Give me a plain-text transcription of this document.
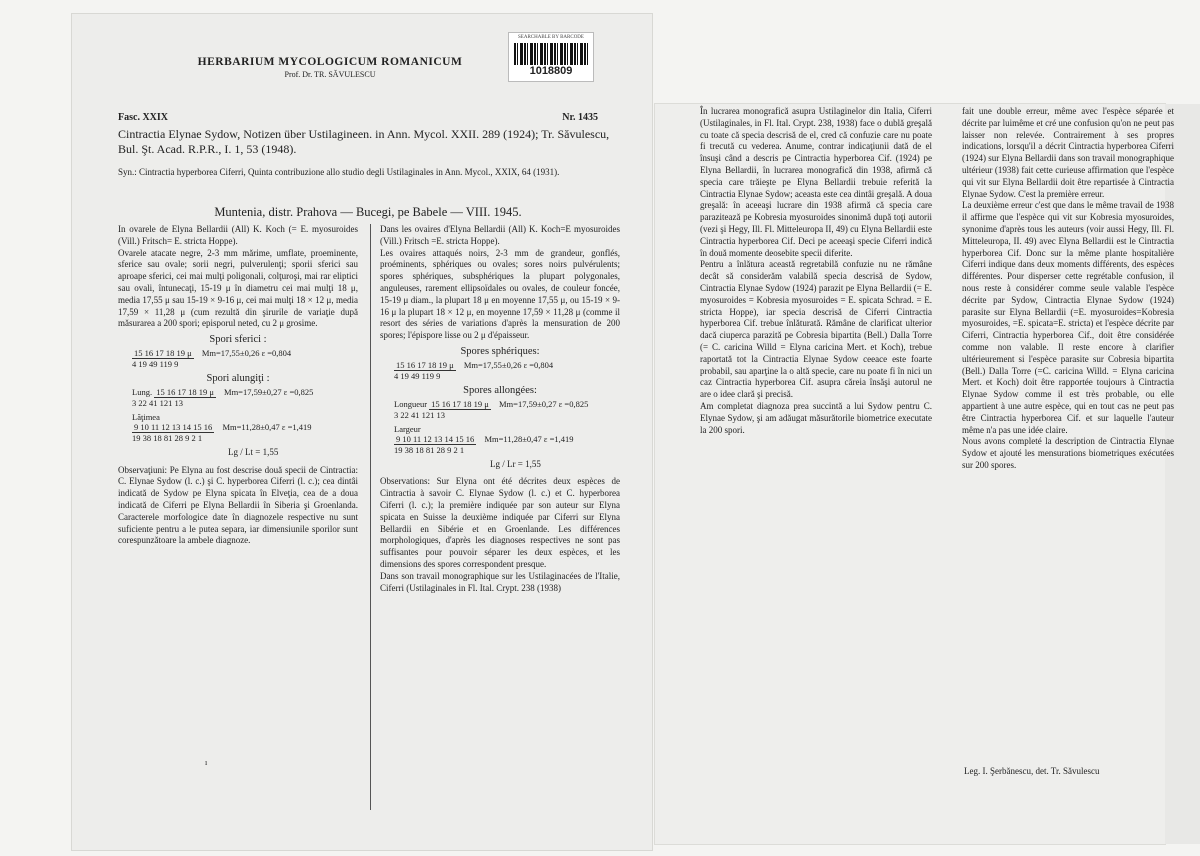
HERBARIUM MYCOLOGICUM ROMANICUM
Prof. Dr. TR. SĂVULESCU
SEARCHABLE BY BARCODE
1018809
Fasc. XXIX	Nr. 1435
Cintractia Elynae Sydow, Notizen über Ustilagineen. in Ann. Mycol. XXII. 289 (1924); Tr. Săvulescu, Bul. Şt. Acad. R.P.R., I. 1, 53 (1948).
Syn.: Cintractia hyperborea Ciferri, Quinta contribuzione allo studio degli Ustilaginales in Ann. Mycol., XXIX, 64 (1931).
Muntenia, distr. Prahova — Bucegi, pe Babele — VIII. 1945.

In ovarele de Elyna Bellardii (All) K. Koch (= E. myosuroides (Vill.) Fritsch= E. stricta Hoppe).

Ovarele atacate negre, 2-3 mm mărime, umflate, proeminente, sferice sau ovale; sorii negri, pulverulenţi; sporii sferici sau aproape sferici, cei mai mulţi poligonali, colţuroşi, mai rar eliptici sau ovali, întunecaţi, 15-19 μ în diametru cei mai mulţi 18 μ, media 17,55 μ sau 15-19 × 9-16 μ, cei mai mulţi 18 × 12 μ, media 17,59 × 11,28 μ (cum rezultă din şirurile de variaţie după măsurarea a 200 spori; episporul neted, cu 2 μ grosime.

Spori sferici :
15 16 17 18 19 μ Mm=17,55±0,26 ε =0,804
4 19 49 119 9
Spori alungiţi :
Lung. 15 16 17 18 19 μ Mm=17,59±0,27 ε =0,825
3 22 41 121 13
Lăţimea
9 10 11 12 13 14 15 16 Mm=11,28±0,47 ε =1,419
19 38 18 81 28 9 2 1
Lg / Lt = 1,55

Observaţiuni: Pe Elyna au fost descrise două specii de Cintractia: C. Elynae Sydow (l. c.) şi C. hyperborea Ciferri (l. c.); cea dintâi indicată de Sydow pe Elyna spicata în Elveţia, cea de a doua indicată de Ciferri pe Elyna Bellardii în Siberia şi Groenlanda. Caracterele morfologice date în diagnozele respective nu sunt suficiente pentru a le putea separa, iar dimensiunile sporilor sunt corespunzătoare la ambele diagnoze.

ı

Dans les ovaires d'Elyna Bellardii (All) K. Koch=E myosuroides (Vill.) Fritsch =E. stricta Hoppe).

Les ovaires attaqués noirs, 2-3 mm de grandeur, gonflés, proéminents, sphériques ou ovales; sores noirs pulvérulents; spores sphériques, subsphériques la plupart polygonales, anguleuses, rarement ellipsoïdales ou ovales, de couleur foncée, 15-19 μ diam., la plupart 18 μ en moyenne 17,55 μ, ou 15-19 × 9-16 μ la plupart 18 × 12 μ, en moyenne 17,59 × 11,28 μ (comme il resort des séries de variations d'après la mensuration de 200 spores; l'épispore lisse ou 2 μ d'épaisseur.

Spores sphériques:
15 16 17 18 19 μ Mm=17,55±0,26 ε =0,804
4 19 49 119 9
Spores allongées:
Longueur 15 16 17 18 19 μ Mm=17,59±0,27 ε =0,825
3 22 41 121 13
Largeur
9 10 11 12 13 14 15 16 Mm=11,28±0,47 ε =1,419
19 38 18 81 28 9 2 1
Lg / Lr = 1,55

Observations: Sur Elyna ont été décrites deux espèces de Cintractia à savoir C. Elynae Sydow (l. c.) et C. hyperborea Ciferri (l. c.); la première indiquée par son auteur sur Elyna spicata en Suisse la deuxième indiquée par Ciferri sur Elyna Bellardii en Sibérie et en Groenlande. Les différences morphologiques, d'après les diagnoses respectives ne sont pas suffisantes pour pouvoir séparer les deux espèces, et les dimensions des spores correspondent presque.

Dans son travail monographique sur les Ustilaginacées de l'Italie, Ciferri (Ustilaginales in Fl. Ital. Crypt. 238 (1938)

În lucrarea monografică asupra Ustilaginelor din Italia, Ciferri (Ustilaginales, in Fl. Ital. Crypt. 238, 1938) face o dublă greşală cu toate că specia descrisă de el, cred că confuzie care nu poate fi trecută cu vederea. Anume, contrar indicaţiunii dată de el însuşi când a descris pe Cintractia hyperborea Cif. (1924) pe Elyna Bellardii, în lucrarea monografică din 1938, afirmă că specia care trăieşte pe Elyna Bellardii trebuie referită la Cintractia Elynae Sydow; aceasta este cea dintâi greşală. A doua greşală: în aceeaşi lucrare din 1938 afirmă că specia care parazitează pe Kobresia myosuroides sinonimă după toţi autorii (vezi şi Hegy, Ill. Fl. Mitteleuropa II, 49) cu Elyna Bellardii este Cintractia hyperborea Cif. Deci pe aceeaşi specie Ciferri indică în două momente deosebite specii diferite.

Pentru a înlătura această regretabilă confuzie nu ne rămâne decât să considerăm valabilă specia descrisă de Sydow, Cintractia Elynae Sydow (1924) parazit pe Elyna Bellardii (= E. myosuroides = Kobresia myosuroides = E. spicata Schrad. = E. stricta Hoppe), iar specia descrisă de Ciferri Cintractia hyperborea Cif. trebue înlăturată. Rămâne de clarificat ulterior dacă ciuperca parazită pe Cobresia bipartita (Bell.) Dalla Torre (= C. caricina Willd = Elyna caricina Mert. et Koch), trebue raportată tot la Cintractia Elynae Sydow ceeace este foarte probabil, sau aparţine la o altă specie, care nu poate fi în nici un caz Cintractia hyperborea Cif. asupra căreia însăşi autorul ne are o idee clară şi precisă.

Am completat diagnoza prea succintă a lui Sydow pentru C. Elynae Sydow, şi am adăugat măsurătorile biometrice executate la 200 spori.

fait une double erreur, même avec l'espèce séparée et décrite par luimême et cré une confusion qu'on ne peut pas laisser non relevée. Contrairement à ses propres indications, lorsqu'il a décrit Cintractia hyperborea Ciferri (1924) sur Elyna Bellardii dans son travail monographique ultérieur (1938) fait cette curieuse affirmation que l'espèce qui vit sur Elyna Bellardii doit être repartisée à Cintractia Elynae Sydow. C'est la première erreur.

La deuxième erreur c'est que dans le même travail de 1938 il affirme que l'espèce qui vit sur Kobresia myosuroides, synonime d'après tous les auteurs (voir aussi Hegy, Ill. Fl. Mitteleuropa, II. 49) avec Elyna Bellardii est le Cintractia hyperborea Cif. Donc sur la même plante hospitalière Ciferri indique dans deux moments différents, des espèces différentes. Pour disperser cette regrétable confusion, il nous reste à considérer comme seule valable l'espèce décrite par Sydow, Cintractia Elynae Sydow (1924) parasite sur Elyna Bellardii (=E. myosuroides=Kobresia myosuroides, =E. spicata=E. stricta) et l'espèce décrite par Ciferri, Cintractia hyperborea Cif., doit être considérée comme non valable. Il reste encore à clarifier ultérieurement si l'espèce parasite sur Cobresia bipartita (Bell.) Dalla Torre (=C. caricina Willd. = Elyna caricina Mert. et Koch) doit être rapportée toujours à Cintractia Elynae Sydow comme il est très probable, ou elle appartient à une autre espèce, qui en tout cas ne peut pas être Cintractia hyperborea Cif. et sur laquelle l'auteur même n'a pas une idée claire.

Nous avons completé la description de Cintractia Elynae Sydow et ajouté les mensurations biometriques exécutées sur 200 spores.

Leg. I. Şerbănescu, det. Tr. Săvulescu
